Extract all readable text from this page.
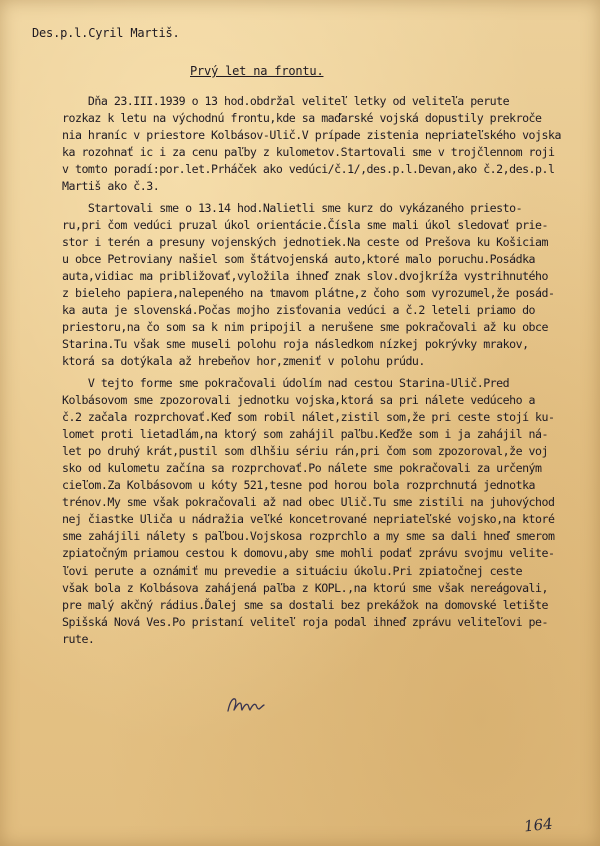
Des.p.l.Cyril Martiš.
Prvý let na frontu.
Dňa 23.III.1939 o 13 hod.obdržal veliteľ letky od veliteľa perute
rozkaz k letu na východnú frontu,kde sa maďarské vojská dopustily prekroče
nia hraníc v priestore Kolbásov-Ulič.V prípade zistenia nepriateľského vojska
ka rozohnať ic i za cenu paľby z kulometov.Startovali sme v trojčlennom roji
v tomto poradí:por.let.Prháček ako vedúci/č.1/,des.p.l.Devan,ako č.2,des.p.l
Martiš ako č.3.
Startovali sme o 13.14 hod.Nalietli sme kurz do vykázaného priesto-
ru,pri čom vedúci pruzal úkol orientácie.Čísla sme mali úkol sledovať prie-
stor i terén a presuny vojenských jednotiek.Na ceste od Prešova ku Košiciam
u obce Petroviany našiel som štátvojenská auto,ktoré malo poruchu.Posádka
auta,vidiac ma približovať,vyložila ihneď znak slov.dvojkríža vystrihnutého
z bieleho papiera,nalepeného na tmavom plátne,z čoho som vyrozumel,že posád-
ka auta je slovenská.Počas mojho zisťovania vedúci a č.2 leteli priamo do
priestoru,na čo som sa k nim pripojil a nerušene sme pokračovali až ku obce
Starina.Tu však sme museli polohu roja následkom nízkej pokrývky mrakov,
ktorá sa dotýkala až hrebeňov hor,zmeniť v polohu prúdu.
V tejto forme sme pokračovali údolím nad cestou Starina-Ulič.Pred
Kolbásovom sme zpozorovali jednotku vojska,ktorá sa pri nálete vedúceho a
č.2 začala rozprchovať.Keď som robil nálet,zistil som,že pri ceste stojí ku-
lomet proti lietadlám,na ktorý som zahájil paľbu.Keďže som i ja zahájil ná-
let po druhý krát,pustil som dlhšiu sériu rán,pri čom som zpozoroval,že voj
sko od kulometu začína sa rozprchovať.Po nálete sme pokračovali za určeným
cieľom.Za Kolbásovom u kóty 521,tesne pod horou bola rozprchnutá jednotka
trénov.My sme však pokračovali až nad obec Ulič.Tu sme zistili na juhovýchod
nej čiastke Uliča u nádražia veľké koncetrované nepriateľské vojsko,na ktoré
sme zahájili nálety s paľbou.Vojskosa rozprchlo a my sme sa dali hneď smerom
zpiatočným priamou cestou k domovu,aby sme mohli podať zprávu svojmu velite-
ľovi perute a oznámiť mu prevedie a situáciu úkolu.Pri zpiatočnej ceste
však bola z Kolbásova zahájená paľba z KOPL.,na ktorú sme však nereágovali,
pre malý akčný rádius.Ďalej sme sa dostali bez prekážok na domovské letište
Spišská Nová Ves.Po pristaní veliteľ roja podal ihneď zprávu veliteľovi pe-
rute.
164
